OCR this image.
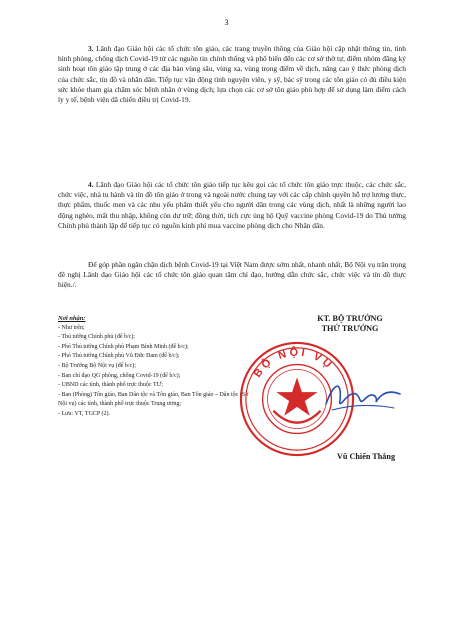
3

3. Lãnh đạo Giáo hội các tổ chức tôn giáo, các trang truyền thông của Giáo hội cập nhật thông tin, tình hình phòng, chống dịch Covid-19 từ các nguồn tin chính thống và phổ biến đến các cơ sở thờ tự, điểm nhóm đăng ký sinh hoạt tôn giáo tập trung ở các địa bàn vùng sâu, vùng xa, vùng trọng điểm về dịch, nâng cao ý thức phòng dịch của chức sắc, tín đồ và nhân dân. Tiếp tục vận động tình nguyện viên, y sỹ, bác sỹ trong các tôn giáo có đủ điều kiện sức khỏe tham gia chăm sóc bệnh nhân ở vùng dịch; lựa chọn các cơ sở tôn giáo phù hợp để sử dụng làm điểm cách ly y tế, bệnh viện dã chiến điều trị Covid-19.

4. Lãnh đạo Giáo hội các tổ chức tôn giáo tiếp tục kêu gọi các tổ chức tôn giáo trực thuộc, các chức sắc, chức việc, nhà tu hành và tín đồ tôn giáo ở trong và ngoài nước chung tay với các cấp chính quyền hỗ trợ lương thực, thực phẩm, thuốc men và các nhu yếu phẩm thiết yếu cho người dân trong các vùng dịch, nhất là những người lao động nghèo, mất thu nhập, không còn dự trữ; đồng thời, tích cực ủng hộ Quỹ vaccine phòng Covid-19 do Thủ tướng Chính phủ thành lập để tiếp tục có nguồn kinh phí mua vaccine phòng dịch cho Nhân dân.

Để góp phần ngăn chặn dịch bệnh Covid-19 tại Việt Nam được sớm nhất, nhanh nhất, Bộ Nội vụ trân trọng đề nghị Lãnh đạo Giáo hội các tổ chức tôn giáo quan tâm chỉ đạo, hướng dẫn chức sắc, chức việc và tín đồ thực hiện./.

Nơi nhận:
- Như trên;
- Thủ tướng Chính phủ (để b/c);
- Phó Thủ tướng Chính phủ Phạm Bình Minh (để b/c);
- Phó Thủ tướng Chính phủ Vũ Đức Đam (để b/c);
- Bộ Trưởng Bộ Nội vụ (để b/c);
- Ban chỉ đạo QG phòng, chống Covid-19 (để b/c);
- UBND các tỉnh, thành phố trực thuộc TƯ;
- Ban (Phòng) Tôn giáo, Ban Dân tộc và Tôn giáo, Ban Tôn giáo – Dân tộc (Sở Nội vụ) các tỉnh, thành phố trực thuộc Trung ương;
- Lưu: VT, TGCP (2).
KT. BỘ TRƯỞNG
THỨ TRƯỞNG
BỘ NỘI VỤ
Vũ Chiến Thắng
